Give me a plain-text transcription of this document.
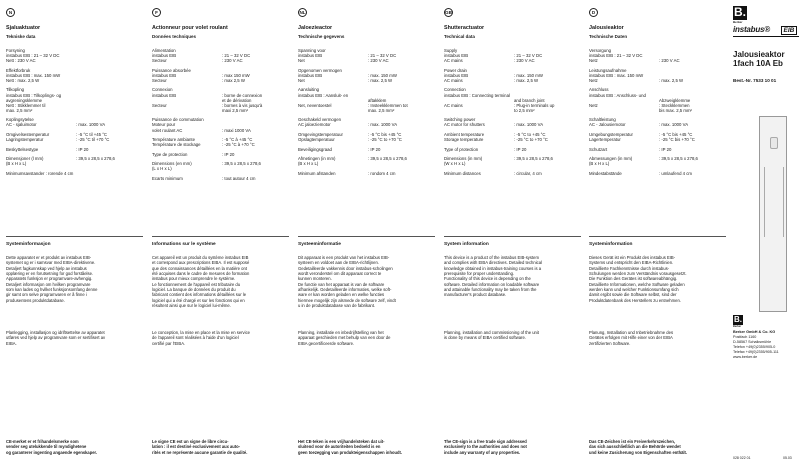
N
Sjaluaktuator
Tekniske data
Forsyning
instabus EIB : 21 – 32 V DC
Nett : 230 V AC
Effektforbruk
instabus EIB : max. 150 mW
Nett : max. 2,5 W
Tilkopling
instabus EIB : Tilkoplings- og
avgreningsklemme
Nett : Stikklemmer til
max. 2,5 mm²
Koplingsytelse
AC - sjaluimotor	: max. 1000 VA
Omgivelsestemperatur	: -5 °C til +45 °C
Lagringstemperatur	: -25 °C til +70 °C
Beskyttelsestype	: IP 20
Dimensjoner (l mm)	: 39,5 x 28,5 x 278,6
(B x H x L)
Minimumsavstander : rorende 4 cm
Systeminformasjon
Dette apparatet er et produkt av instabus EIB-
systemet og er i samsvar med EIBA-direktivene.
Detaljert fagkunnskap ved hjelp av instabus
opplæring er en forutsetning for god forståelse.
Apparatets funksjon er programvare-avhengig.
Detaljert informasjon om hvilken programvare
som kan lades og hvilket funksjonsomfang denne
gir samt om selve programvaren er å finne i
produsentens produktdatabase.
Planlegging, installasjon og idriftsettelse av apparatet
utføres ved hjelp av programvare som er sertifisert av
EIBA.
CE-merket er et frihandelsmerke som
vender seg utelukkende til myndighetene
og garanterer ingenting angaende egenskaper.
F
Actionneur pour volet roulant
Données techniques
Alimentation
instabus EIB	: 21 – 32 V DC
Secteur	: 230 V AC
Puissance absorbée
instabus EIB	: max 150 mW
Secteur	: max 2,5 W
Connexion
instabus EIB	: borne de connexion
et de dérivation
Secteur	: bornes à vis jusqu'à
maxi 2,5 mm²
Puissance de commutation
Moteur pour
volet roulant AC	: maxi 1000 VA
Température ambiante	: -5 °C à +45 °C
Température de stockage	: -25 °C à +70 °C
Type de protection	: IP 20
Dimensions (en mm)	: 39,5 x 28,5 x 278,6
(L x H x L)
Ecarts minimum	: tout autour 4 cm
Informations sur le système
Cet appareil est un produit du système instabus EIB
et correspond aux prescriptions EIBA. Il est supposé
que des connaissances détaillées en la matière ont
été acquises dans le cadre de mesures de formation
instabus pour mieux comprendre le système.
Le fonctionnement de l'appareil est tributaire du
logiciel. La banque de données du produit du
fabricant contient des informations détaillées sur le
logiciel qui a été chargé et sur les fonctions qui en
résultent ainsi que sur le logiciel lui-même.
Le conception, la mise en place et la mise en service
de l'appareil sont réalisées à l'aide d'un logiciel
certifié par l'EIBA.
Le signe CE est un signe de libre circu-
lation : il est destiné exclusivement aux auto-
rités et ne représente aucune garantie de qualité.
NL
Jaloezieactor
Technische gegevens
Spanning voor
instabus EIB	: 21 – 32 V DC
Net	: 230 V AC
Opgenomen vermogen
instabus EIB	: max. 150 mW
Net	: max. 2,5 W
Aansluiting
instabus EIB : Aansluit- en
aftakklem
Net, neventoestel	: Insteekklemmen tot
max. 2,5 mm²
Geschakeld vermogen
AC jaloeziemotor	: max. 1000 VA
Omgevingstemperatuur	: -5 °C bis +45 °C
Opslagtemperatuur	: -25 °C to +70 °C
Beveiligingsgraad	: IP 20
Afmetingen (in mm)	: 39,5 x 28,5 x 278,6
(B x H x L)
Minimum afstanden	: rondom 4 cm
Systeeminformatie
Dit apparaat is een produkt van het instabus EIB-
systeem en voldoet aan de EIBA-richtlijnen.
Gedetailleerde vakkennis door instabus-scholingen
wordt veronderstel om dit apparaat correct te
kunnen monteren.
De functie van het apparaat is van de software
afhankelijk. Gedetailleerde informaties, welke soft-
ware er kan worden geladen en welke functies
hiermee mogelijk zijn alsmede de software zelf, vindt
u in de produktdatabase van de fabrikant.
Planning, installatie en inbedrijfstelling van het
apparaat geschieden met behulp van een door de
EIBA gecertificeerde software.
Het CE-teken is een vrijhandelsteken dat uit-
sluitend voor de autoriteiten bedoeld is en
geen toezegging van produkteigenschappen inhoudt.
GB
Shutteractuator
Technical data
Supply
instabus EIB	: 21 – 32 V DC
AC mains	: 230 V AC
Power drain
instabus EIB	: max. 150 mW
AC mains	: max. 2,5 W
Connection
instabus EIB : Connecting terminal
and branch joint
AC mains	: Plug-in terminals up
to 2,5 mm²
Switching power
AC motor for shutters	: max. 1000 VA
Ambient temperature	: -5 °C to +45 °C
Storage temperature	: -25 °C to +70 °C
Type of protection	: IP 20
Dimensions (in mm)	: 39,5 x 28,5 x 278,6
(W x H x L)
Minimum distances	: circular, 4 cm
System information
This device is a product of the instabus EIB-system
and complies with EIBA directives. Detailed technical
knowledge obtained in instabus-training courses is a
prerequisite for proper understanding.
Functionality of this device is depending on the
software. Detailed information on loadable software
and attainable functionality may be taken from the
manufacturer's product database.
Planning, installation and commissioning of the unit
is done by means of EIBA certified software.
The CE-sign is a free trade sign addressed
exclusively to the authorities and does not
include any warranty of any properties.
D
Jalousieaktor
Technische Daten
Versorgung
instabus EIB : 21 – 32 V DC
Netz	: 230 V AC
Leistungsaufnahme
instabus EIB : max. 150 mW
Netz	: max. 2,5 W
Anschluss
instabus EIB : Anschluss- und
Abzweigklemme
Netz	: Steckklemmen
bis max. 2,5 mm²
Schaltleistung
AC - Jalousiemotor	: max. 1000 VA
Umgebungstemperatur	: -5 °C bis +45 °C
Lagertemperatur	: -25 °C bis +70 °C
Schutzart	: IP 20
Abmessungen (in mm)	: 39,5 x 28,5 x 278,6
(B x H x L)
Mindestabstände	: umlaufend 4 cm
Systeminformation
Dieses Gerät ist ein Produkt des instabus EIB-
Systems und entspricht den EIBA-Richtlinien.
Detaillierte Fachkenntnisse durch instabus-
Schulungen werden zum Verständnis vorausgesetzt.
Die Funktion des Gerätes ist softwareabhängig.
Detaillierte Informationen, welche Software geladen
werden kann und welcher Funktionsumfang sich
damit ergibt sowie die Software selbst, sind der
Produktdatenbank des Herstellers zu entnehmen.
Planung, Installation und Inbetriebnahme des
Gerätes erfolgen mit Hilfe einer von der EIBA
zertifizierten Software.
Das CE-Zeichen ist ein Freiverkehrszeichen,
das sich ausschließlich an die Behörde wendet
und keine Zusicherung von Eigenschaften enthält.
B.
Berker
instabus®	EIB
Jalousieaktor
1fach 10A Eb
Best.-Nr. 7533 10 01
B.
Berker
Berker GmbH & Co. KG
Postfach 1160
D-58567 Schalksmühle
Telefon +49(0)2355/905-0
Telefax +49(0)2355/905-111
www.berker.de
028 022 01	05.03
